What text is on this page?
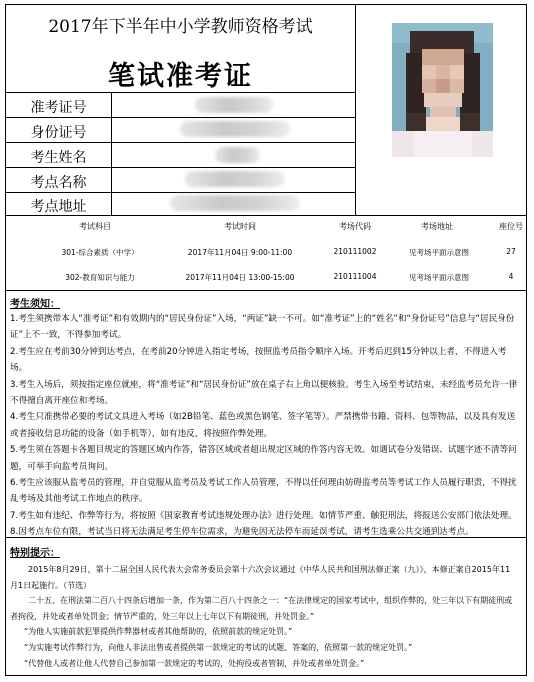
2017年下半年中小学教师资格考试
笔试准考证
准考证号
身份证号
考生姓名
考点名称
考点地址
考试科目	考试时间	考场代码	考场地址	座位号
301-综合素质（中学）	2017年11月04日 9:00-11:00	210111002	见考场平面示意图	27
302-教育知识与能力	2017年11月04日 13:00-15:00	210111004	见考场平面示意图	4
考生须知：

1.考生须携带本人“准考证”和有效期内的“居民身份证”入场，“两证”缺一不可。如“准考证”上的“姓名”和“身份证号”信息与“居民身份证”上不一致，不得参加考试。

2.考生应在考前30分钟到达考点，在考前20分钟进入指定考场，按照监考员指令顺序入场。开考后迟到15分钟以上者，不得进入考场。

3.考生入场后，须按指定座位就座，将“准考证”和“居民身份证”放在桌子右上角以便核验。考生入场至考试结束，未经监考员允许一律不得擅自离开座位和考场。

4.考生只准携带必要的考试文具进入考场（如2B铅笔、蓝色或黑色钢笔、签字笔等）。严禁携带书籍、资料、包等物品，以及具有发送或者接收信息功能的设备（如手机等），如有违反，将按照作弊处理。

5.考生须在答题卡各题目规定的答题区域内作答，错答区域或者超出规定区域的作答内容无效。如遇试卷分发错误、试题字迹不清等问题，可举手向监考员询问。

6.考生应该服从监考员的管理，并自觉服从监考员及考试工作人员管理，不得以任何理由妨碍监考员等考试工作人员履行职责，不得扰乱考场及其他考试工作地点的秩序。

7.考生如有违纪、作弊等行为，将按照《国家教育考试违规处理办法》进行处理。如情节严重、触犯刑法，将报送公安部门依法处理。

8.因考点车位有限，考试当日将无法满足考生停车位需求，为避免因无法停车而延误考试，请考生选乘公共交通到达考点。

特别提示：

2015年8月29日，第十二届全国人民代表大会常务委员会第十六次会议通过《中华人民共和国刑法修正案（九）》，本修正案自2015年11月1日起施行。（节选）

二十五、在刑法第二百八十四条后增加一条，作为第二百八十四条之一：“在法律规定的国家考试中，组织作弊的，处三年以下有期徒刑或者拘役，并处或者单处罚金；情节严重的，处三年以上七年以下有期徒刑，并处罚金。”

“为他人实施前款犯罪提供作弊器材或者其他帮助的，依照前款的规定处罚。”

“为实施考试作弊行为，向他人非法出售或者提供第一款规定的考试的试题、答案的，依照第一款的规定处罚。”

“代替他人或者让他人代替自己参加第一款规定的考试的，处拘役或者管制，并处或者单处罚金。”
